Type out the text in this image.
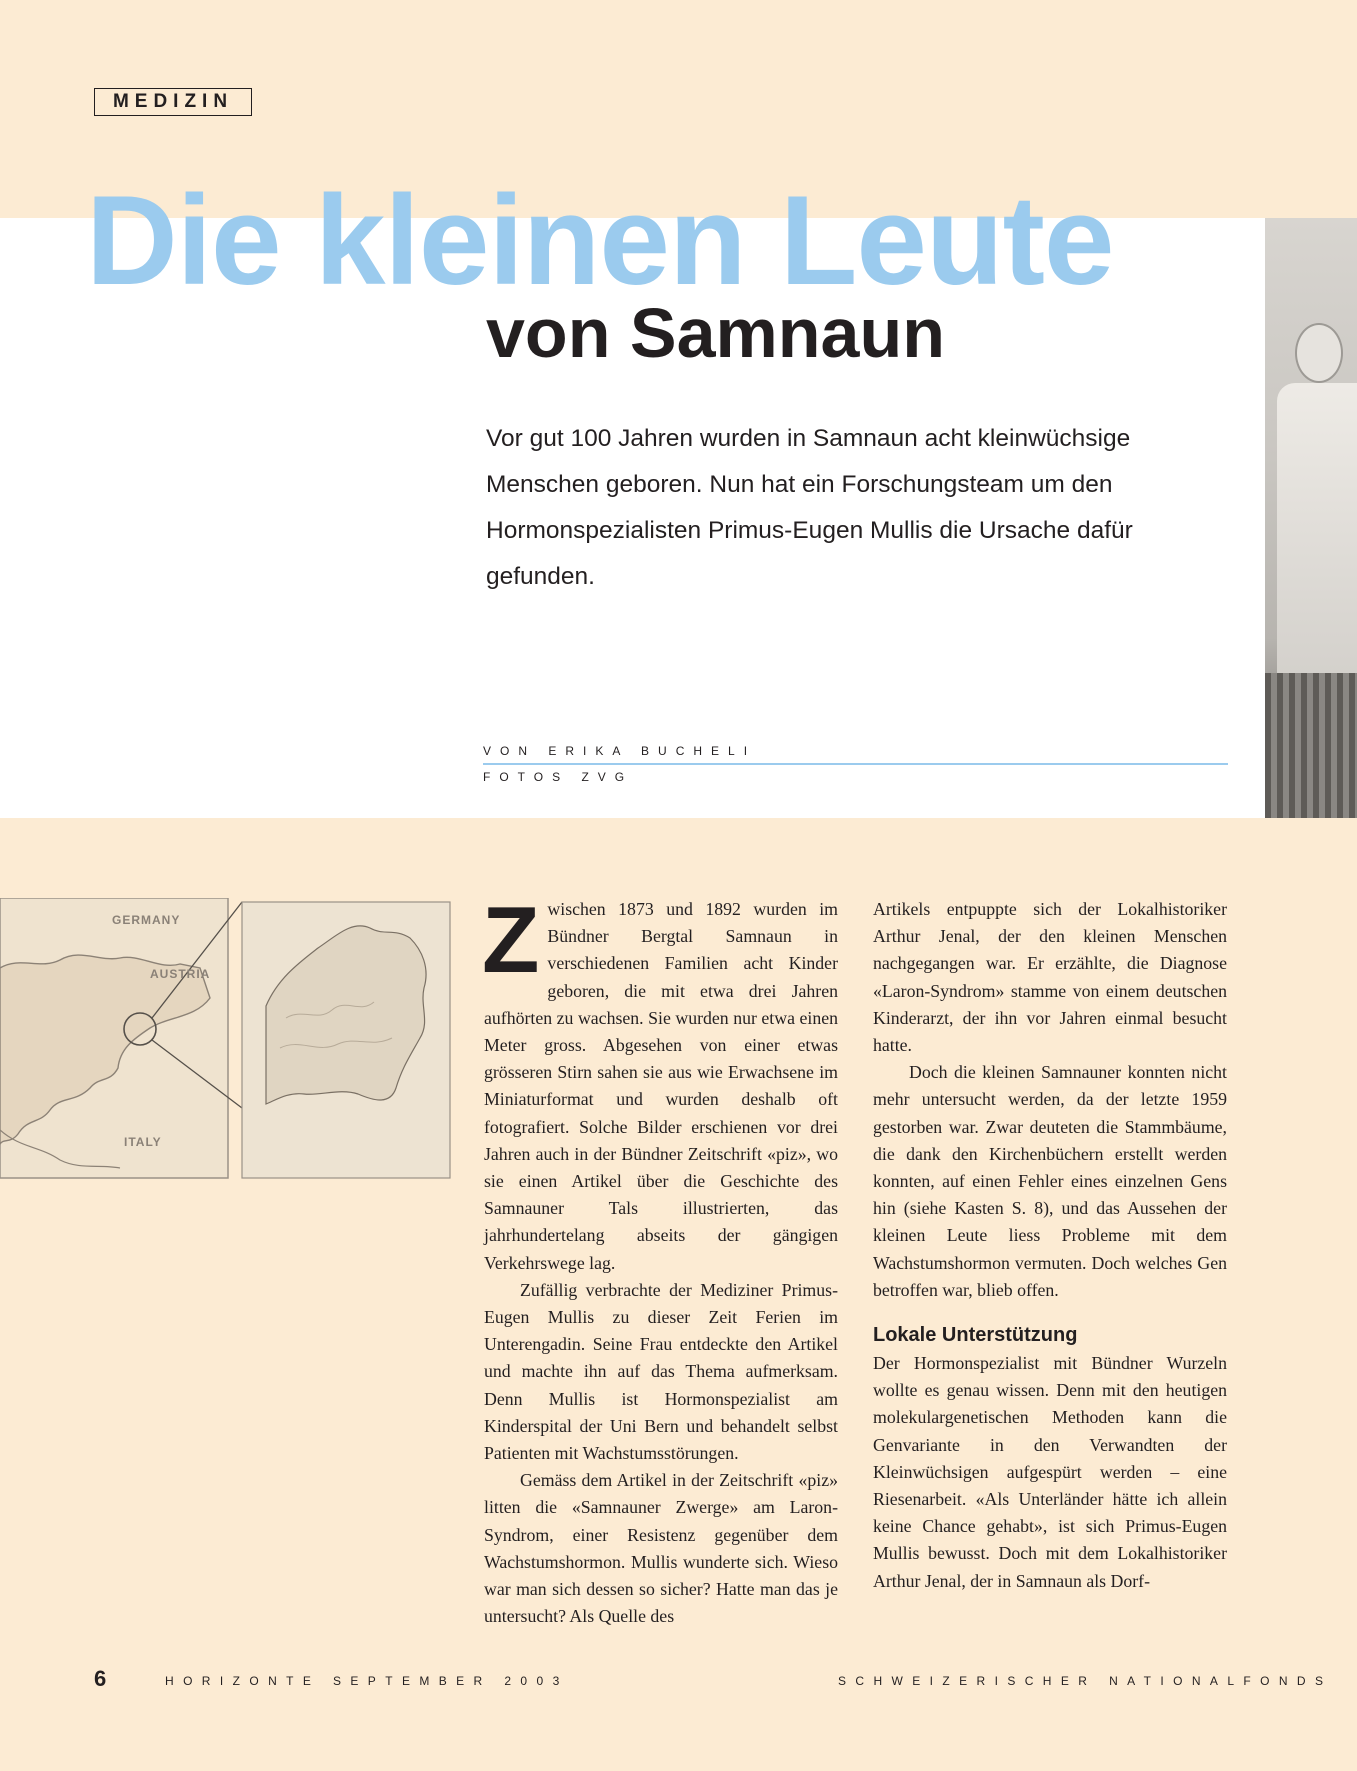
MEDIZIN
Die kleinen Leute
von Samnaun
Vor gut 100 Jahren wurden in Samnaun acht kleinwüchsige Menschen geboren. Nun hat ein Forschungsteam um den Hormonspezialisten Primus-Eugen Mullis die Ursache dafür gefunden.
VON ERIKA BUCHELI
FOTOS ZVG
GERMANY
AUSTRIA
ITALY

Zwischen 1873 und 1892 wurden im Bündner Bergtal Samnaun in verschiedenen Familien acht Kinder geboren, die mit etwa drei Jahren aufhörten zu wachsen. Sie wurden nur etwa einen Meter gross. Abgesehen von einer etwas grösseren Stirn sahen sie aus wie Erwachsene im Miniaturformat und wurden deshalb oft fotografiert. Solche Bilder erschienen vor drei Jahren auch in der Bündner Zeitschrift «piz», wo sie einen Artikel über die Geschichte des Samnauner Tals illustrierten, das jahrhundertelang abseits der gängigen Verkehrswege lag.

Zufällig verbrachte der Mediziner Primus-Eugen Mullis zu dieser Zeit Ferien im Unterengadin. Seine Frau entdeckte den Artikel und machte ihn auf das Thema aufmerksam. Denn Mullis ist Hormonspezialist am Kinderspital der Uni Bern und behandelt selbst Patienten mit Wachstumsstörungen.

Gemäss dem Artikel in der Zeitschrift «piz» litten die «Samnauner Zwerge» am Laron-Syndrom, einer Resistenz gegenüber dem Wachstumshormon. Mullis wunderte sich. Wieso war man sich dessen so sicher? Hatte man das je untersucht? Als Quelle des

Artikels entpuppte sich der Lokalhistoriker Arthur Jenal, der den kleinen Menschen nachgegangen war. Er erzählte, die Diagnose «Laron-Syndrom» stamme von einem deutschen Kinderarzt, der ihn vor Jahren einmal besucht hatte.

Doch die kleinen Samnauner konnten nicht mehr untersucht werden, da der letzte 1959 gestorben war. Zwar deuteten die Stammbäume, die dank den Kirchenbüchern erstellt werden konnten, auf einen Fehler eines einzelnen Gens hin (siehe Kasten S. 8), und das Aussehen der kleinen Leute liess Probleme mit dem Wachstumshormon vermuten. Doch welches Gen betroffen war, blieb offen.

Lokale Unterstützung

Der Hormonspezialist mit Bündner Wurzeln wollte es genau wissen. Denn mit den heutigen molekulargenetischen Methoden kann die Genvariante in den Verwandten der Kleinwüchsigen aufgespürt werden – eine Riesenarbeit. «Als Unterländer hätte ich allein keine Chance gehabt», ist sich Primus-Eugen Mullis bewusst. Doch mit dem Lokalhistoriker Arthur Jenal, der in Samnaun als Dorf-

6	HORIZONTE SEPTEMBER 2003	SCHWEIZERISCHER NATIONALFONDS
